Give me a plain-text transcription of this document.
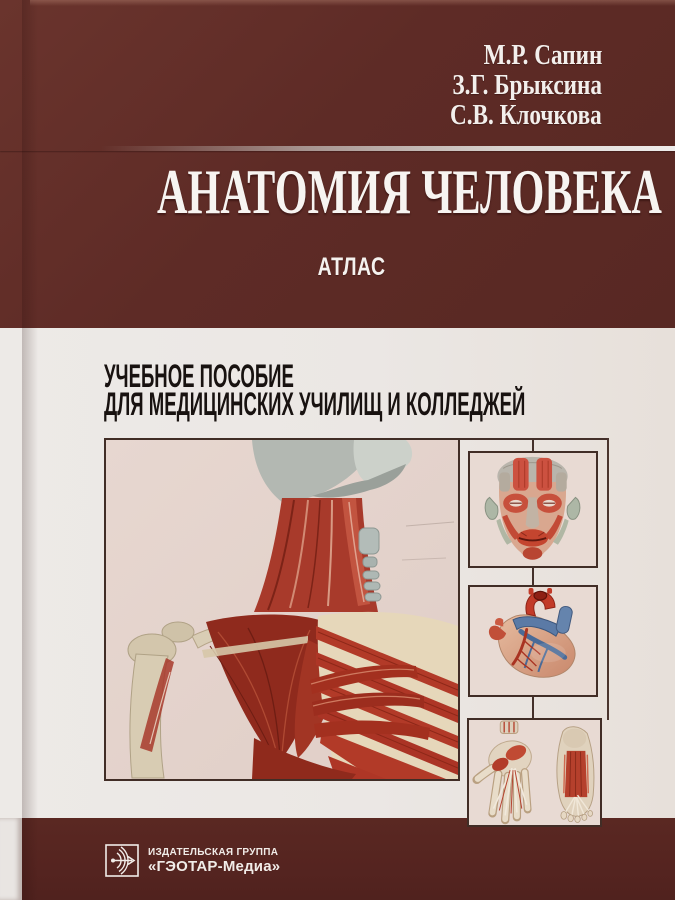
М.Р. Сапин
З.Г. Брыксина
С.В. Клочкова
АНАТОМИЯ ЧЕЛОВЕКА
АТЛАС
УЧЕБНОЕ ПОСОБИЕ
ДЛЯ МЕДИЦИНСКИХ УЧИЛИЩ И КОЛЛЕДЖЕЙ
ИЗДАТЕЛЬСКАЯ ГРУППА
«ГЭОТАР-Медиа»
